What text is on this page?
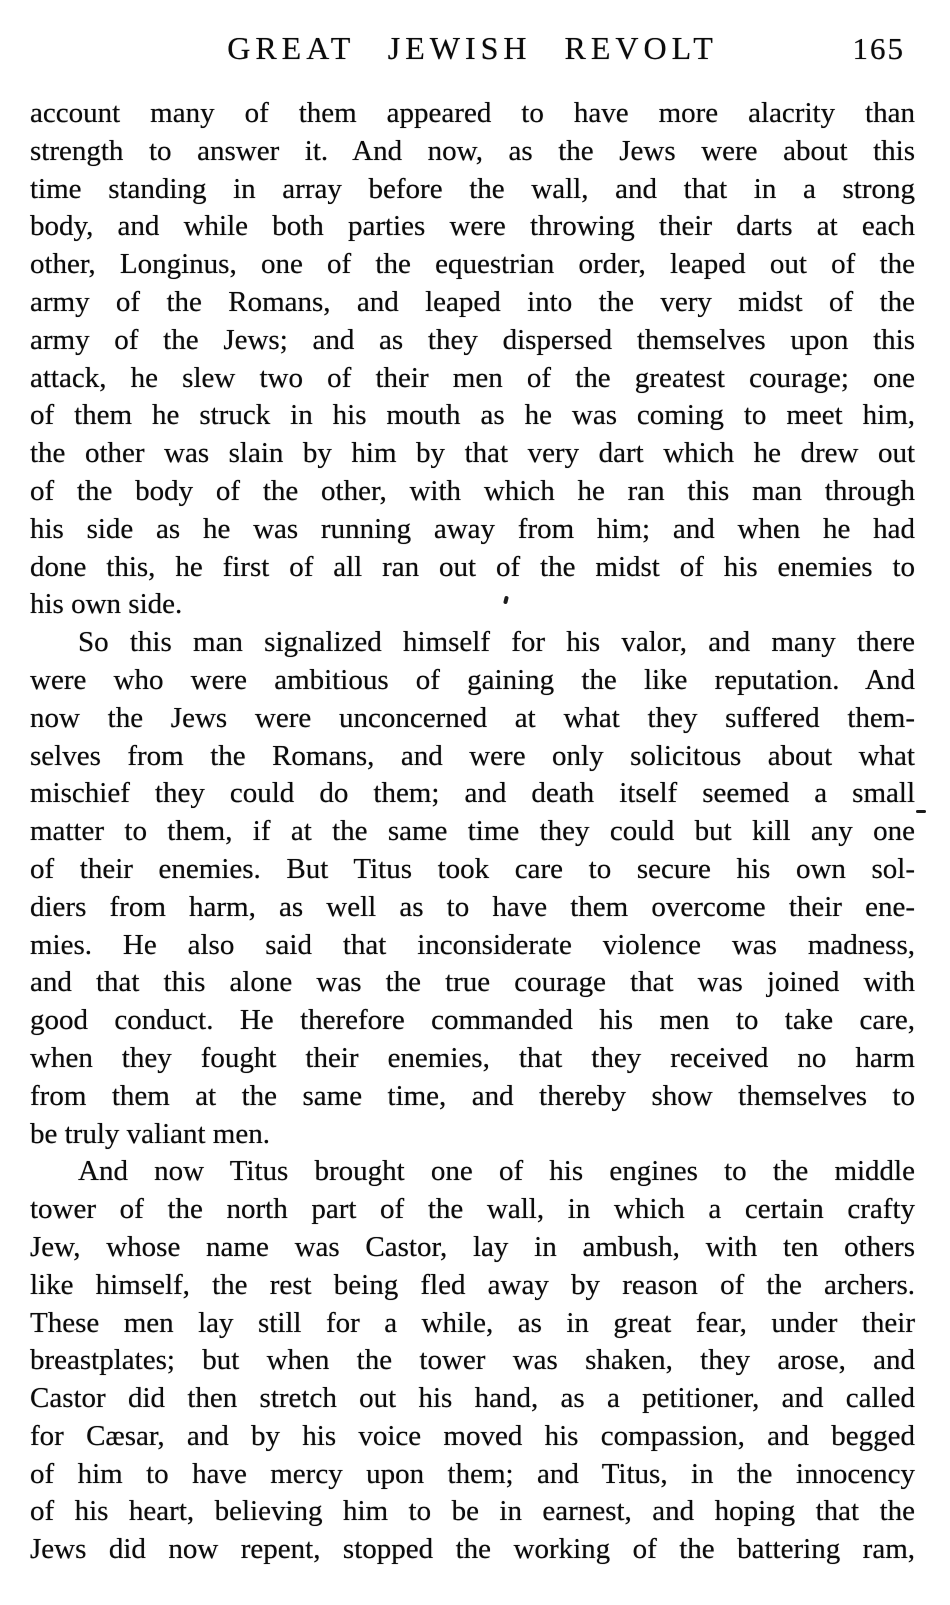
GREAT JEWISH REVOLT	165
account many of them appeared to have more alacrity than
strength to answer it. And now, as the Jews were about this
time standing in array before the wall, and that in a strong
body, and while both parties were throwing their darts at each
other, Longinus, one of the equestrian order, leaped out of the
army of the Romans, and leaped into the very midst of the
army of the Jews; and as they dispersed themselves upon this
attack, he slew two of their men of the greatest courage; one
of them he struck in his mouth as he was coming to meet him,
the other was slain by him by that very dart which he drew out
of the body of the other, with which he ran this man through
his side as he was running away from him; and when he had
done this, he first of all ran out of the midst of his enemies to
his own side.
So this man signalized himself for his valor, and many there
were who were ambitious of gaining the like reputation. And
now the Jews were unconcerned at what they suffered them-
selves from the Romans, and were only solicitous about what
mischief they could do them; and death itself seemed a small
matter to them, if at the same time they could but kill any one
of their enemies. But Titus took care to secure his own sol-
diers from harm, as well as to have them overcome their ene-
mies. He also said that inconsiderate violence was madness,
and that this alone was the true courage that was joined with
good conduct. He therefore commanded his men to take care,
when they fought their enemies, that they received no harm
from them at the same time, and thereby show themselves to
be truly valiant men.
And now Titus brought one of his engines to the middle
tower of the north part of the wall, in which a certain crafty
Jew, whose name was Castor, lay in ambush, with ten others
like himself, the rest being fled away by reason of the archers.
These men lay still for a while, as in great fear, under their
breastplates; but when the tower was shaken, they arose, and
Castor did then stretch out his hand, as a petitioner, and called
for Cæsar, and by his voice moved his compassion, and begged
of him to have mercy upon them; and Titus, in the innocency
of his heart, believing him to be in earnest, and hoping that the
Jews did now repent, stopped the working of the battering ram,
